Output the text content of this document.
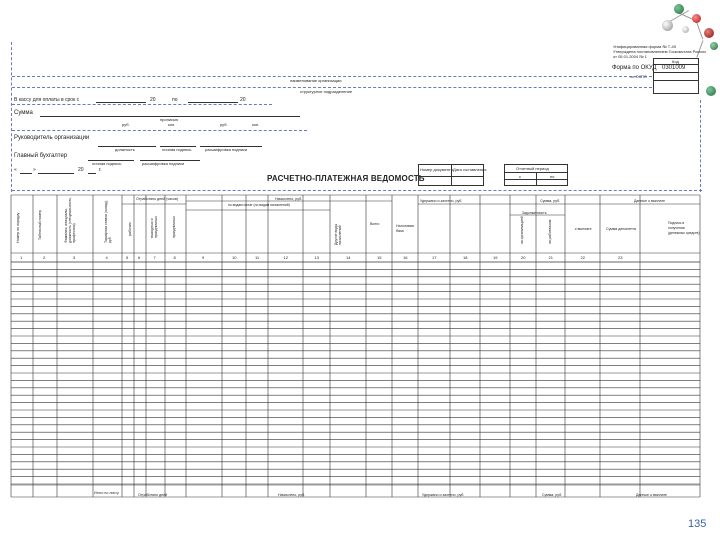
Унифицированная форма № Т-49
Утверждена постановлением Госкомстата России
от 05.01.2004 № 1
Код
Форма по ОКУД 0301009
по ОКПО
наименование организации
структурное подразделение
В кассу для оплаты в срок с	20	по	20
Сумма
прописью
руб.	коп.	руб.	коп.
Руководитель организации
должность	личная подпись	расшифровка подписи
Главный бухгалтер
личная подпись	расшифровка подписи
«	»	20	г.	Номер документа Дата составления	Отчетный период
с	по
РАСЧЕТНО-ПЛАТЕЖНАЯ ВЕДОМОСТЬ
Номер по порядку	Табельный номер	Фамилия, инициалы, должность (специальность, профессия)	Тарифная ставка (оклад), руб.
Отработано дней (часов)
рабочих	выходных и праздничных	праздничных
Начислено, руб.
по видам оплат (по видам начислений)
Другие виды начислений
Всего	Налоговая база
Удержано и зачтено, руб.	Сумма, руб.
Задолженность
за организацией	за работником	к выплате
Данные о выплате
Сумма депонента
Подпись в получении (денежных средств)
1	2	3	4	5 6	7	8	9	10	11	12	13	14	15	16	17	18	19	20	21	22	23
Итого по листу	Отработано дней	Начислено, руб.	Удержано и зачтено, руб.	Сумма, руб.	Данные о выплате
135
